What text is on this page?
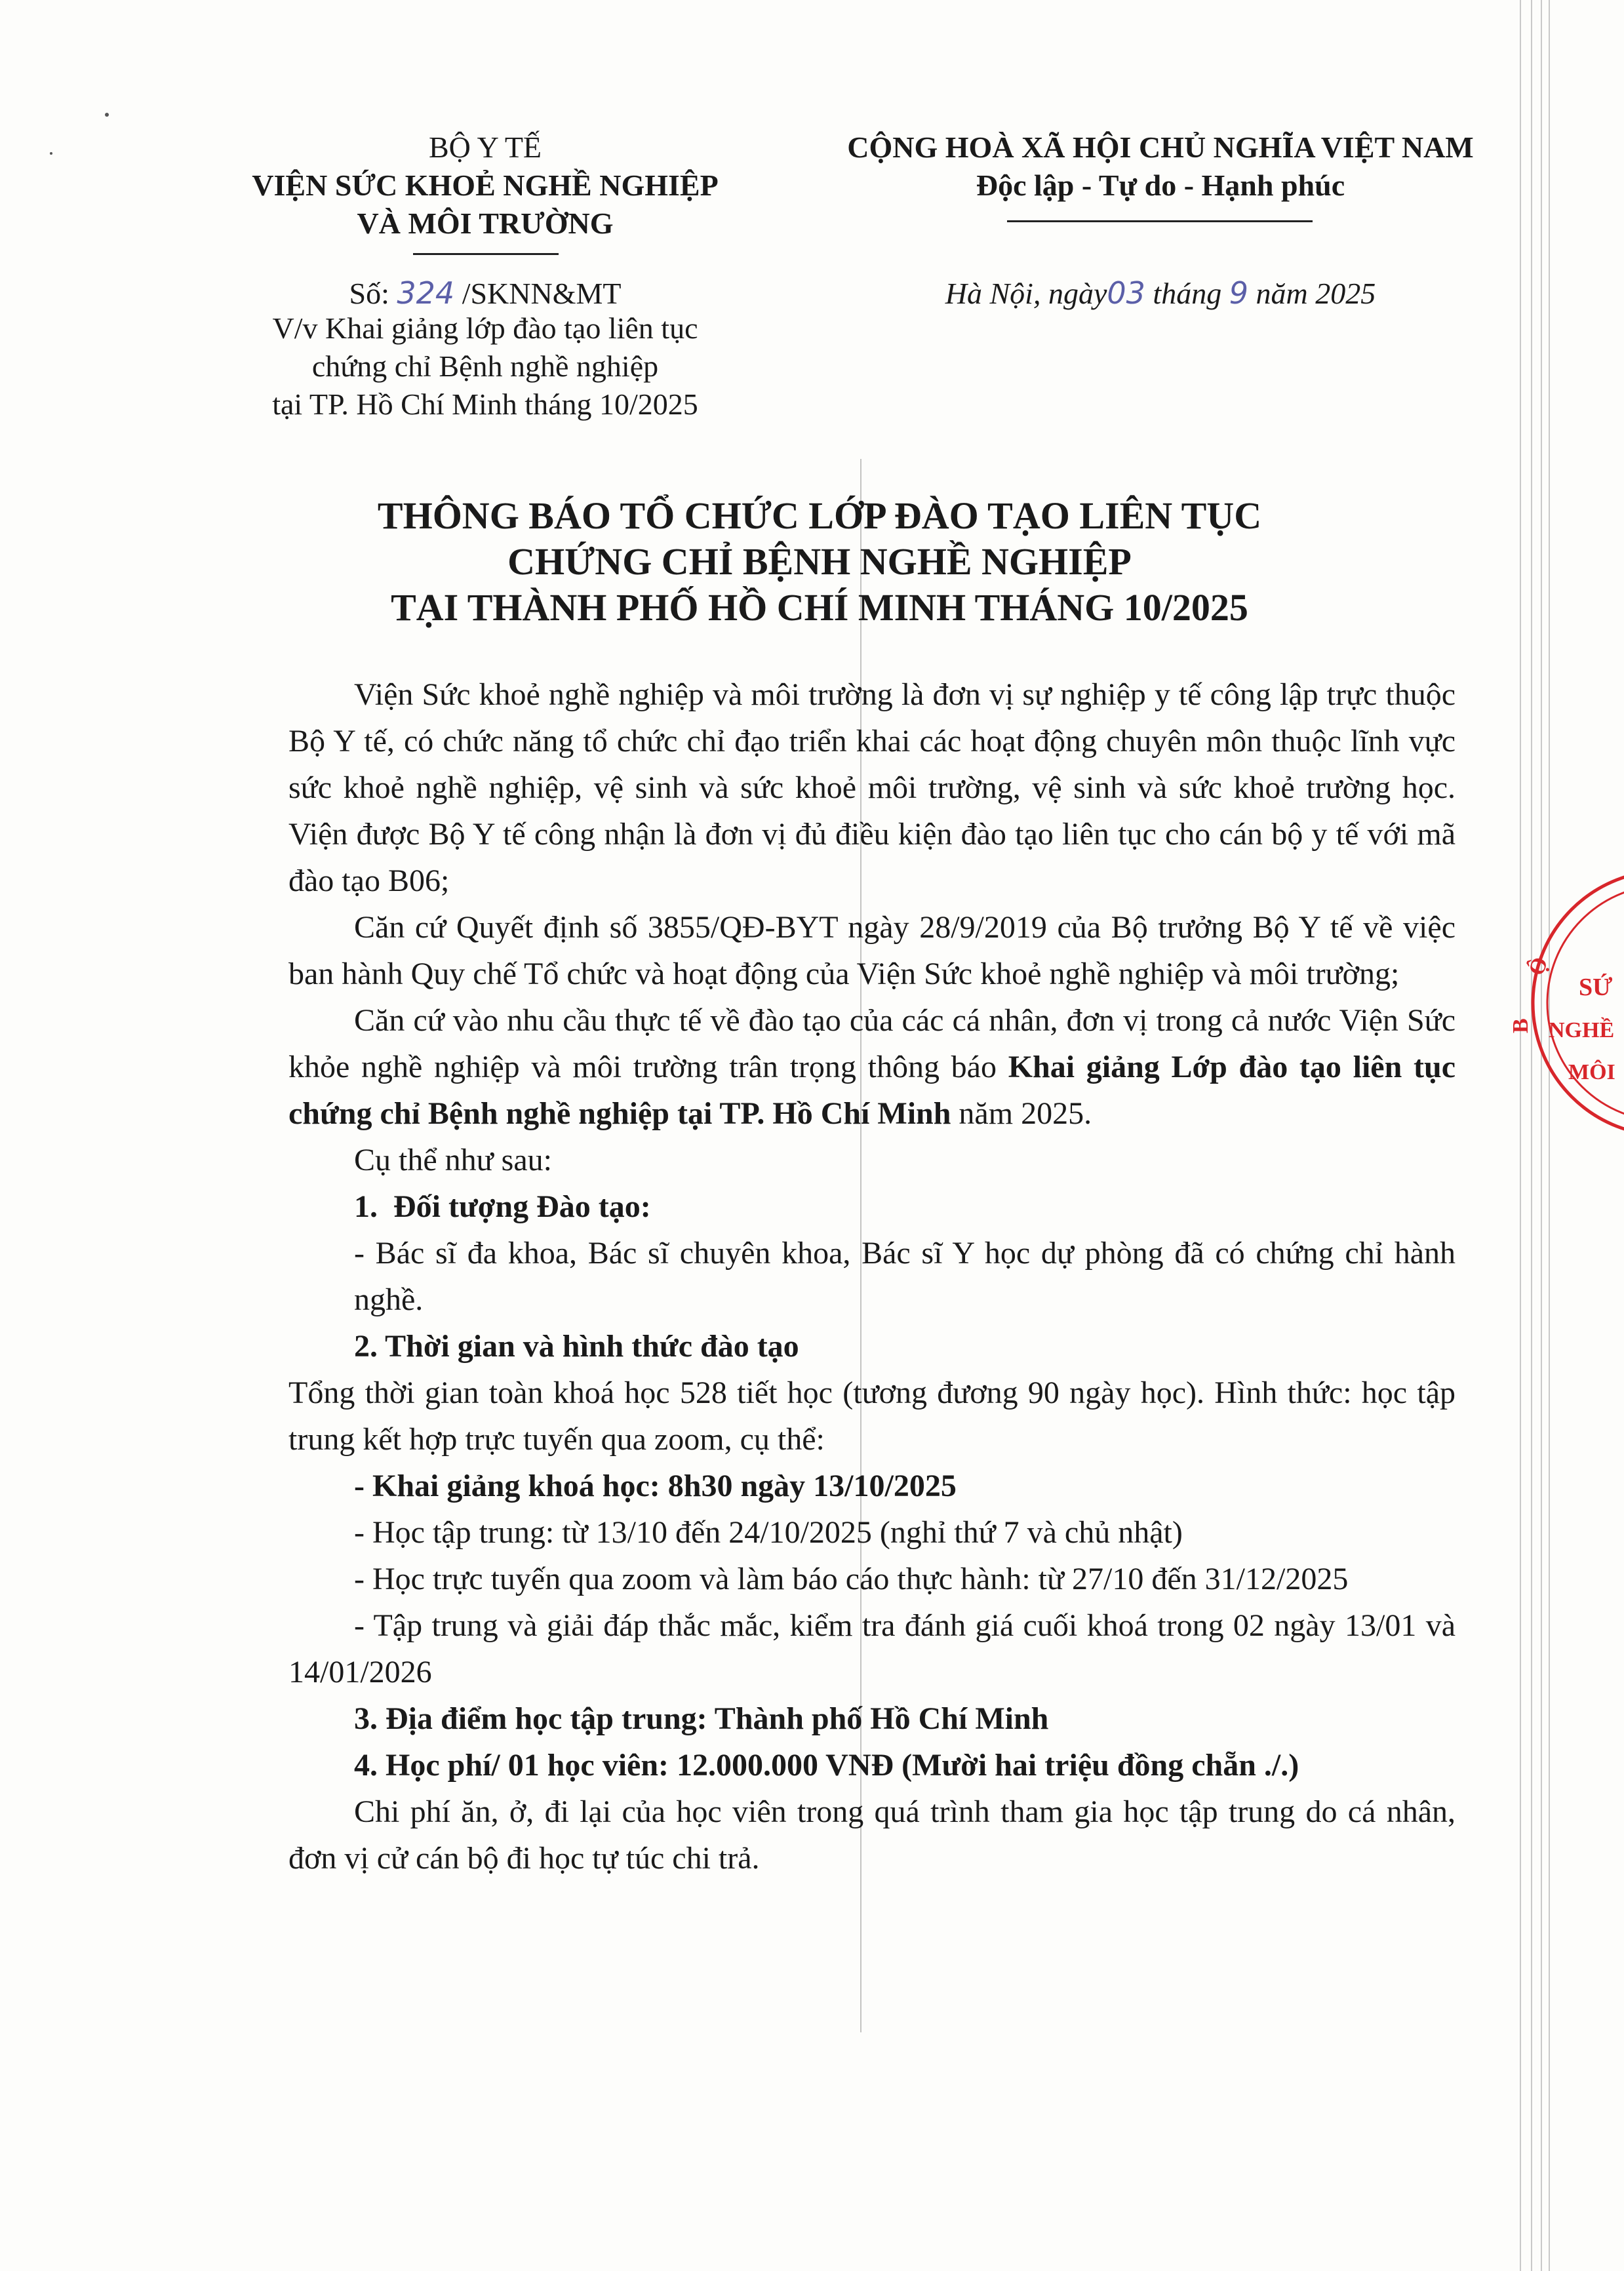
BỘ Y TẾ
VIỆN SỨC KHOẺ NGHỀ NGHIỆP
VÀ MÔI TRƯỜNG
Số: 324 /SKNN&MT
V/v Khai giảng lớp đào tạo liên tục
chứng chỉ Bệnh nghề nghiệp
tại TP. Hồ Chí Minh tháng 10/2025
CỘNG HOÀ XÃ HỘI CHỦ NGHĨA VIỆT NAM
Độc lập - Tự do - Hạnh phúc
Hà Nội, ngày03 tháng 9 năm 2025
THÔNG BÁO TỔ CHỨC LỚP ĐÀO TẠO LIÊN TỤC
CHỨNG CHỈ BỆNH NGHỀ NGHIỆP
TẠI THÀNH PHỐ HỒ CHÍ MINH THÁNG 10/2025

Viện Sức khoẻ nghề nghiệp và môi trường là đơn vị sự nghiệp y tế công lập trực thuộc Bộ Y tế, có chức năng tổ chức chỉ đạo triển khai các hoạt động chuyên môn thuộc lĩnh vực sức khoẻ nghề nghiệp, vệ sinh và sức khoẻ môi trường, vệ sinh và sức khoẻ trường học. Viện được Bộ Y tế công nhận là đơn vị đủ điều kiện đào tạo liên tục cho cán bộ y tế với mã đào tạo B06;

Căn cứ Quyết định số 3855/QĐ-BYT ngày 28/9/2019 của Bộ trưởng Bộ Y tế về việc ban hành Quy chế Tổ chức và hoạt động của Viện Sức khoẻ nghề nghiệp và môi trường;

Căn cứ vào nhu cầu thực tế về đào tạo của các cá nhân, đơn vị trong cả nước Viện Sức khỏe nghề nghiệp và môi trường trân trọng thông báo Khai giảng Lớp đào tạo liên tục chứng chỉ Bệnh nghề nghiệp tại TP. Hồ Chí Minh năm 2025.

Cụ thể như sau:

1. Đối tượng Đào tạo:

- Bác sĩ đa khoa, Bác sĩ chuyên khoa, Bác sĩ Y học dự phòng đã có chứng chỉ hành nghề.

2. Thời gian và hình thức đào tạo

Tổng thời gian toàn khoá học 528 tiết học (tương đương 90 ngày học). Hình thức: học tập trung kết hợp trực tuyến qua zoom, cụ thể:

- Khai giảng khoá học: 8h30 ngày 13/10/2025

- Học tập trung: từ 13/10 đến 24/10/2025 (nghỉ thứ 7 và chủ nhật)

- Học trực tuyến qua zoom và làm báo cáo thực hành: từ 27/10 đến 31/12/2025

- Tập trung và giải đáp thắc mắc, kiểm tra đánh giá cuối khoá trong 02 ngày 13/01 và 14/01/2026

3. Địa điểm học tập trung: Thành phố Hồ Chí Minh

4. Học phí/ 01 học viên: 12.000.000 VNĐ (Mười hai triệu đồng chẵn ./.)

Chi phí ăn, ở, đi lại của học viên trong quá trình tham gia học tập trung do cá nhân, đơn vị cử cán bộ đi học tự túc chi trả.

Ộ
B
SỨ
NGHỀ
MÔI
